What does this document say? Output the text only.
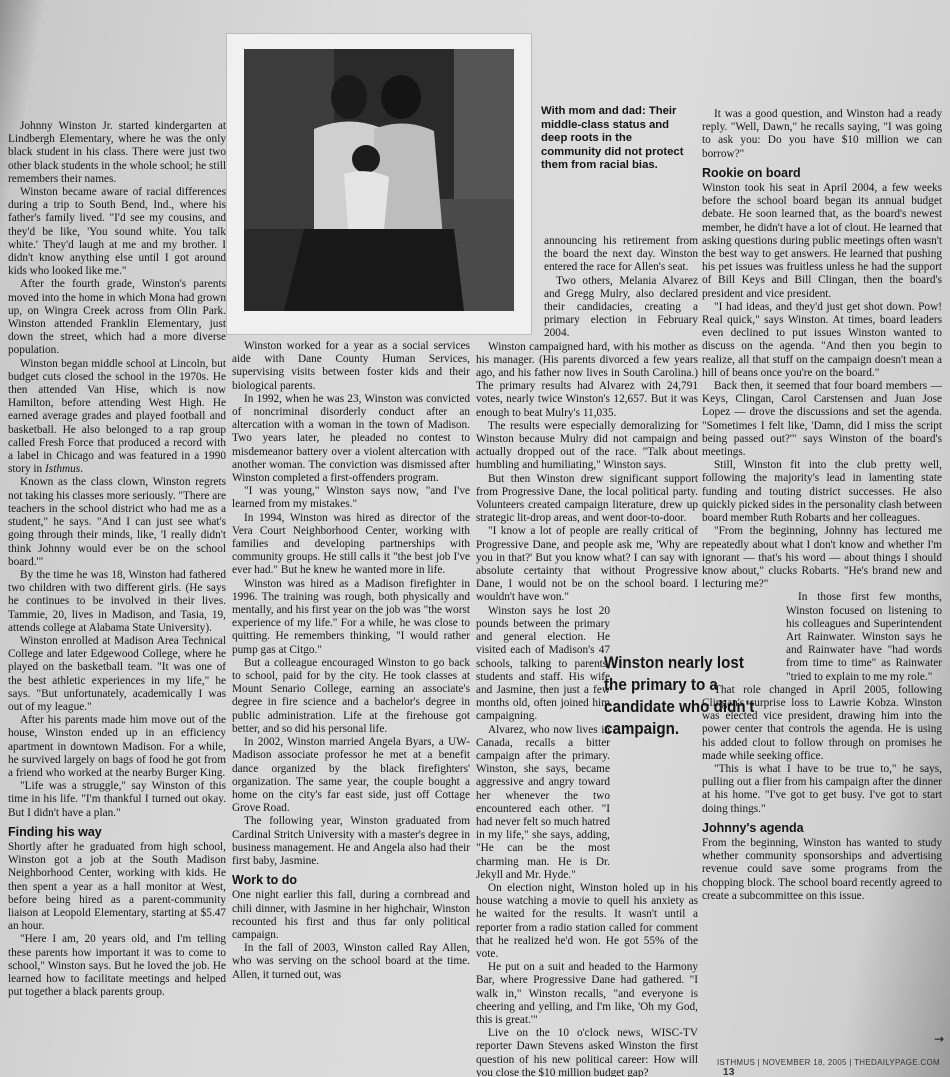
Johnny Winston Jr. started kindergarten at Lindbergh Elementary, where he was the only black student in his class. There were just two other black students in the whole school; he still remembers their names.

Winston became aware of racial differences during a trip to South Bend, Ind., where his father's family lived. "I'd see my cousins, and they'd be like, 'You sound white. You talk white.' They'd laugh at me and my brother. I didn't know anything else until I got around kids who looked like me."

After the fourth grade, Winston's parents moved into the home in which Mona had grown up, on Wingra Creek across from Olin Park. Winston attended Franklin Elementary, just down the street, which had a more diverse population.

Winston began middle school at Lincoln, but budget cuts closed the school in the 1970s. He then attended Van Hise, which is now Hamilton, before attending West High. He earned average grades and played football and basketball. He also belonged to a rap group called Fresh Force that produced a record with a label in Chicago and was featured in a 1990 story in Isthmus.

Known as the class clown, Winston regrets not taking his classes more seriously. "There are teachers in the school district who had me as a student," he says. "And I can just see what's going through their minds, like, 'I really didn't think Johnny would ever be on the school board.'"

By the time he was 18, Winston had fathered two children with two different girls. (He says he continues to be involved in their lives. Tammie, 20, lives in Madison, and Tasia, 19, attends college at Alabama State University).

Winston enrolled at Madison Area Technical College and later Edgewood College, where he played on the basketball team. "It was one of the best athletic experiences in my life," he says. "But unfortunately, academically I was out of my league."

After his parents made him move out of the house, Winston ended up in an efficiency apartment in downtown Madison. For a while, he survived largely on bags of food he got from a friend who worked at the nearby Burger King.

"Life was a struggle," say Winston of this time in his life. "I'm thankful I turned out okay. But I didn't have a plan."

Finding his way

Shortly after he graduated from high school, Winston got a job at the South Madison Neighborhood Center, working with kids. He then spent a year as a hall monitor at West, before being hired as a parent-community liaison at Leopold Elementary, starting at $5.47 an hour.

"Here I am, 20 years old, and I'm telling these parents how important it was to come to school," Winston says. But he loved the job. He learned how to facilitate meetings and helped put together a black parents group.

With mom and dad: Their middle-class status and deep roots in the community did not protect them from racial bias.

Winston worked for a year as a social services aide with Dane County Human Services, supervising visits between foster kids and their biological parents.

In 1992, when he was 23, Winston was convicted of noncriminal disorderly conduct after an altercation with a woman in the town of Madison. Two years later, he pleaded no contest to misdemeanor battery over a violent altercation with another woman. The conviction was dismissed after Winston completed a first-offenders program.

"I was young," Winston says now, "and I've learned from my mistakes."

In 1994, Winston was hired as director of the Vera Court Neighborhood Center, working with families and developing partnerships with community groups. He still calls it "the best job I've ever had." But he knew he wanted more in life.

Winston was hired as a Madison firefighter in 1996. The training was rough, both physically and mentally, and his first year on the job was "the worst experience of my life." For a while, he was close to quitting. He remembers thinking, "I would rather pump gas at Citgo."

But a colleague encouraged Winston to go back to school, paid for by the city. He took classes at Mount Senario College, earning an associate's degree in fire science and a bachelor's degree in public administration. Life at the firehouse got better, and so did his personal life.

In 2002, Winston married Angela Byars, a UW-Madison associate professor he met at a benefit dance organized by the black firefighters' organization. The same year, the couple bought a home on the city's far east side, just off Cottage Grove Road.

The following year, Winston graduated from Cardinal Stritch University with a master's degree in business management. He and Angela also had their first baby, Jasmine.

Work to do

One night earlier this fall, during a cornbread and chili dinner, with Jasmine in her highchair, Winston recounted his first and thus far only political campaign.

In the fall of 2003, Winston called Ray Allen, who was serving on the school board at the time. Allen, it turned out, was

announcing his retirement from the board the next day. Winston entered the race for Allen's seat.

Two others, Melania Alvarez and Gregg Mulry, also declared their candidacies, creating a primary election in February 2004.

Winston campaigned hard, with his mother as his manager. (His parents divorced a few years ago, and his father now lives in South Carolina.) The primary results had Alvarez with 24,791 votes, nearly twice Winston's 12,657. But it was enough to beat Mulry's 11,035.

The results were especially demoralizing for Winston because Mulry did not campaign and actually dropped out of the race. "Talk about humbling and humiliating," Winston says.

But then Winston drew significant support from Progressive Dane, the local political party. Volunteers created campaign literature, drew up strategic lit-drop areas, and went door-to-door.

"I know a lot of people are really critical of Progressive Dane, and people ask me, 'Why are you in that?' But you know what? I can say with absolute certainty that without Progressive Dane, I would not be on the school board. I wouldn't have won."

Winston says he lost 20 pounds between the primary and general election. He visited each of Madison's 47 schools, talking to parents, students and staff. His wife and Jasmine, then just a few months old, often joined him campaigning.

Alvarez, who now lives in Canada, recalls a bitter campaign after the primary. Winston, she says, became aggressive and angry toward her whenever the two encountered each other. "I had never felt so much hatred in my life," she says, adding, "He can be the most charming man. He is Dr. Jekyll and Mr. Hyde."

On election night, Winston holed up in his house watching a movie to quell his anxiety as he waited for the results. It wasn't until a reporter from a radio station called for comment that he realized he'd won. He got 55% of the vote.

He put on a suit and headed to the Harmony Bar, where Progressive Dane had gathered. "I walk in," Winston recalls, "and everyone is cheering and yelling, and I'm like, 'Oh my God, this is great.'"

Live on the 10 o'clock news, WISC-TV reporter Dawn Stevens asked Winston the first question of his new political career: How will you close the $10 million budget gap?

Winston nearly lost the primary to a candidate who didn't campaign.

It was a good question, and Winston had a ready reply. "Well, Dawn," he recalls saying, "I was going to ask you: Do you have $10 million we can borrow?"

Rookie on board

Winston took his seat in April 2004, a few weeks before the school board began its annual budget debate. He soon learned that, as the board's newest member, he didn't have a lot of clout. He learned that asking questions during public meetings often wasn't the best way to get answers. He learned that pushing his pet issues was fruitless unless he had the support of Bill Keys and Bill Clingan, then the board's president and vice president.

"I had ideas, and they'd just get shot down. Pow! Real quick," says Winston. At times, board leaders even declined to put issues Winston wanted to discuss on the agenda. "And then you begin to realize, all that stuff on the campaign doesn't mean a hill of beans once you're on the board."

Back then, it seemed that four board members — Keys, Clingan, Carol Carstensen and Juan Jose Lopez — drove the discussions and set the agenda. "Sometimes I felt like, 'Damn, did I miss the script being passed out?'" says Winston of the board's meetings.

Still, Winston fit into the club pretty well, following the majority's lead in lamenting state funding and touting district successes. He also quickly picked sides in the personality clash between board member Ruth Robarts and her colleagues.

"From the beginning, Johnny has lectured me repeatedly about what I don't know and whether I'm ignorant — that's his word — about things I should know about," clucks Robarts. "He's brand new and lecturing me?"

In those first few months, Winston focused on listening to his colleagues and Superintendent Art Rainwater. Winston says he and Rainwater have "had words from time to time" as Rainwater "tried to explain to me my role."

That role changed in April 2005, following Clingan's surprise loss to Lawrie Kobza. Winston was elected vice president, drawing him into the power center that controls the agenda. He is using his added clout to follow through on promises he made while seeking office.

"This is what I have to be true to," he says, pulling out a flier from his campaign after the dinner at his home. "I've got to get busy. I've got to start doing things."

Johnny's agenda

From the beginning, Winston has wanted to study whether community sponsorships and advertising revenue could save some programs from the chopping block. The school board recently agreed to create a subcommittee on this issue.

→
ISTHMUS | NOVEMBER 18, 2005 | THEDAILYPAGE.COM 13
